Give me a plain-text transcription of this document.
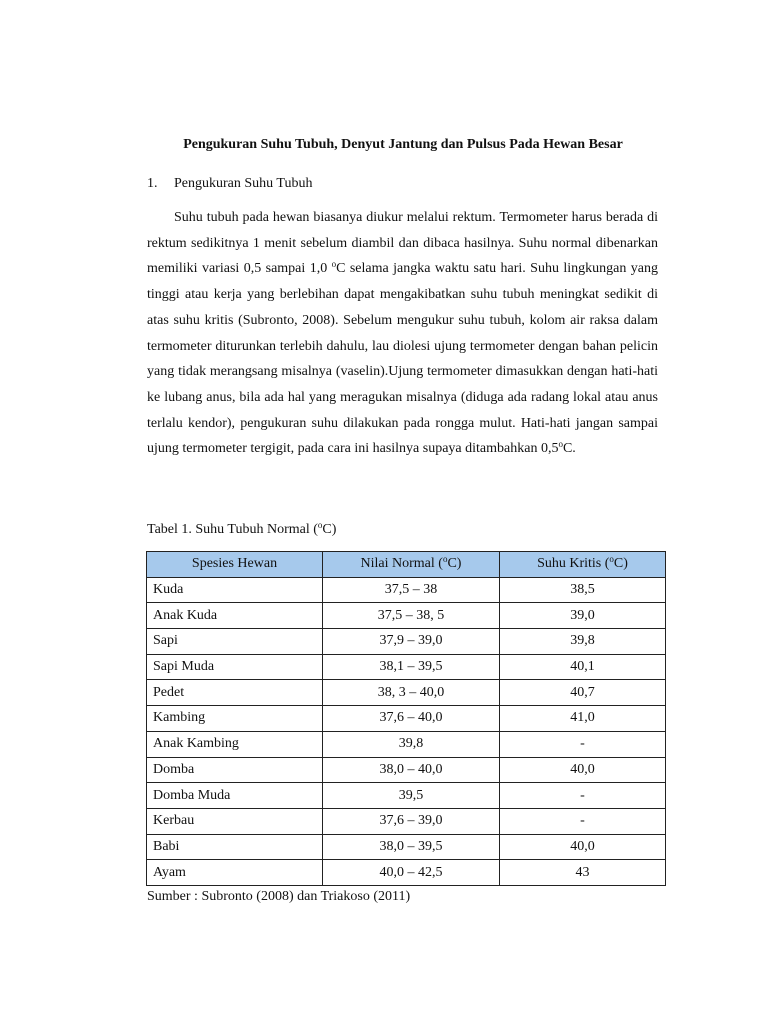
Pengukuran Suhu Tubuh, Denyut Jantung dan Pulsus Pada Hewan Besar
1. Pengukuran Suhu Tubuh

Suhu tubuh pada hewan biasanya diukur melalui rektum. Termometer harus berada di rektum sedikitnya 1 menit sebelum diambil dan dibaca hasilnya. Suhu normal dibenarkan memiliki variasi 0,5 sampai 1,0 $^o$C selama jangka waktu satu hari. Suhu lingkungan yang tinggi atau kerja yang berlebihan dapat mengakibatkan suhu tubuh meningkat sedikit di atas suhu kritis (Subronto, 2008). Sebelum mengukur suhu tubuh, kolom air raksa dalam termometer diturunkan terlebih dahulu, lau diolesi ujung termometer dengan bahan pelicin yang tidak merangsang misalnya (vaselin).Ujung termometer dimasukkan dengan hati-hati ke lubang anus, bila ada hal yang meragukan misalnya (diduga ada radang lokal atau anus terlalu kendor), pengukuran suhu dilakukan pada rongga mulut. Hati-hati jangan sampai ujung termometer tergigit, pada cara ini hasilnya supaya ditambahkan 0,5$^o$C.

Tabel 1. Suhu Tubuh Normal ($^o$C)
Spesies Hewan	Nilai Normal ($^o$C)	Suhu Kritis ($^o$C)
Kuda	37,5 – 38	38,5
Anak Kuda	37,5 – 38, 5	39,0
Sapi	37,9 – 39,0	39,8
Sapi Muda	38,1 – 39,5	40,1
Pedet	38, 3 – 40,0	40,7
Kambing	37,6 – 40,0	41,0
Anak Kambing	39,8	-
Domba	38,0 – 40,0	40,0
Domba Muda	39,5	-
Kerbau	37,6 – 39,0	-
Babi	38,0 – 39,5	40,0
Ayam	40,0 – 42,5	43
Sumber : Subronto (2008) dan Triakoso (2011)
